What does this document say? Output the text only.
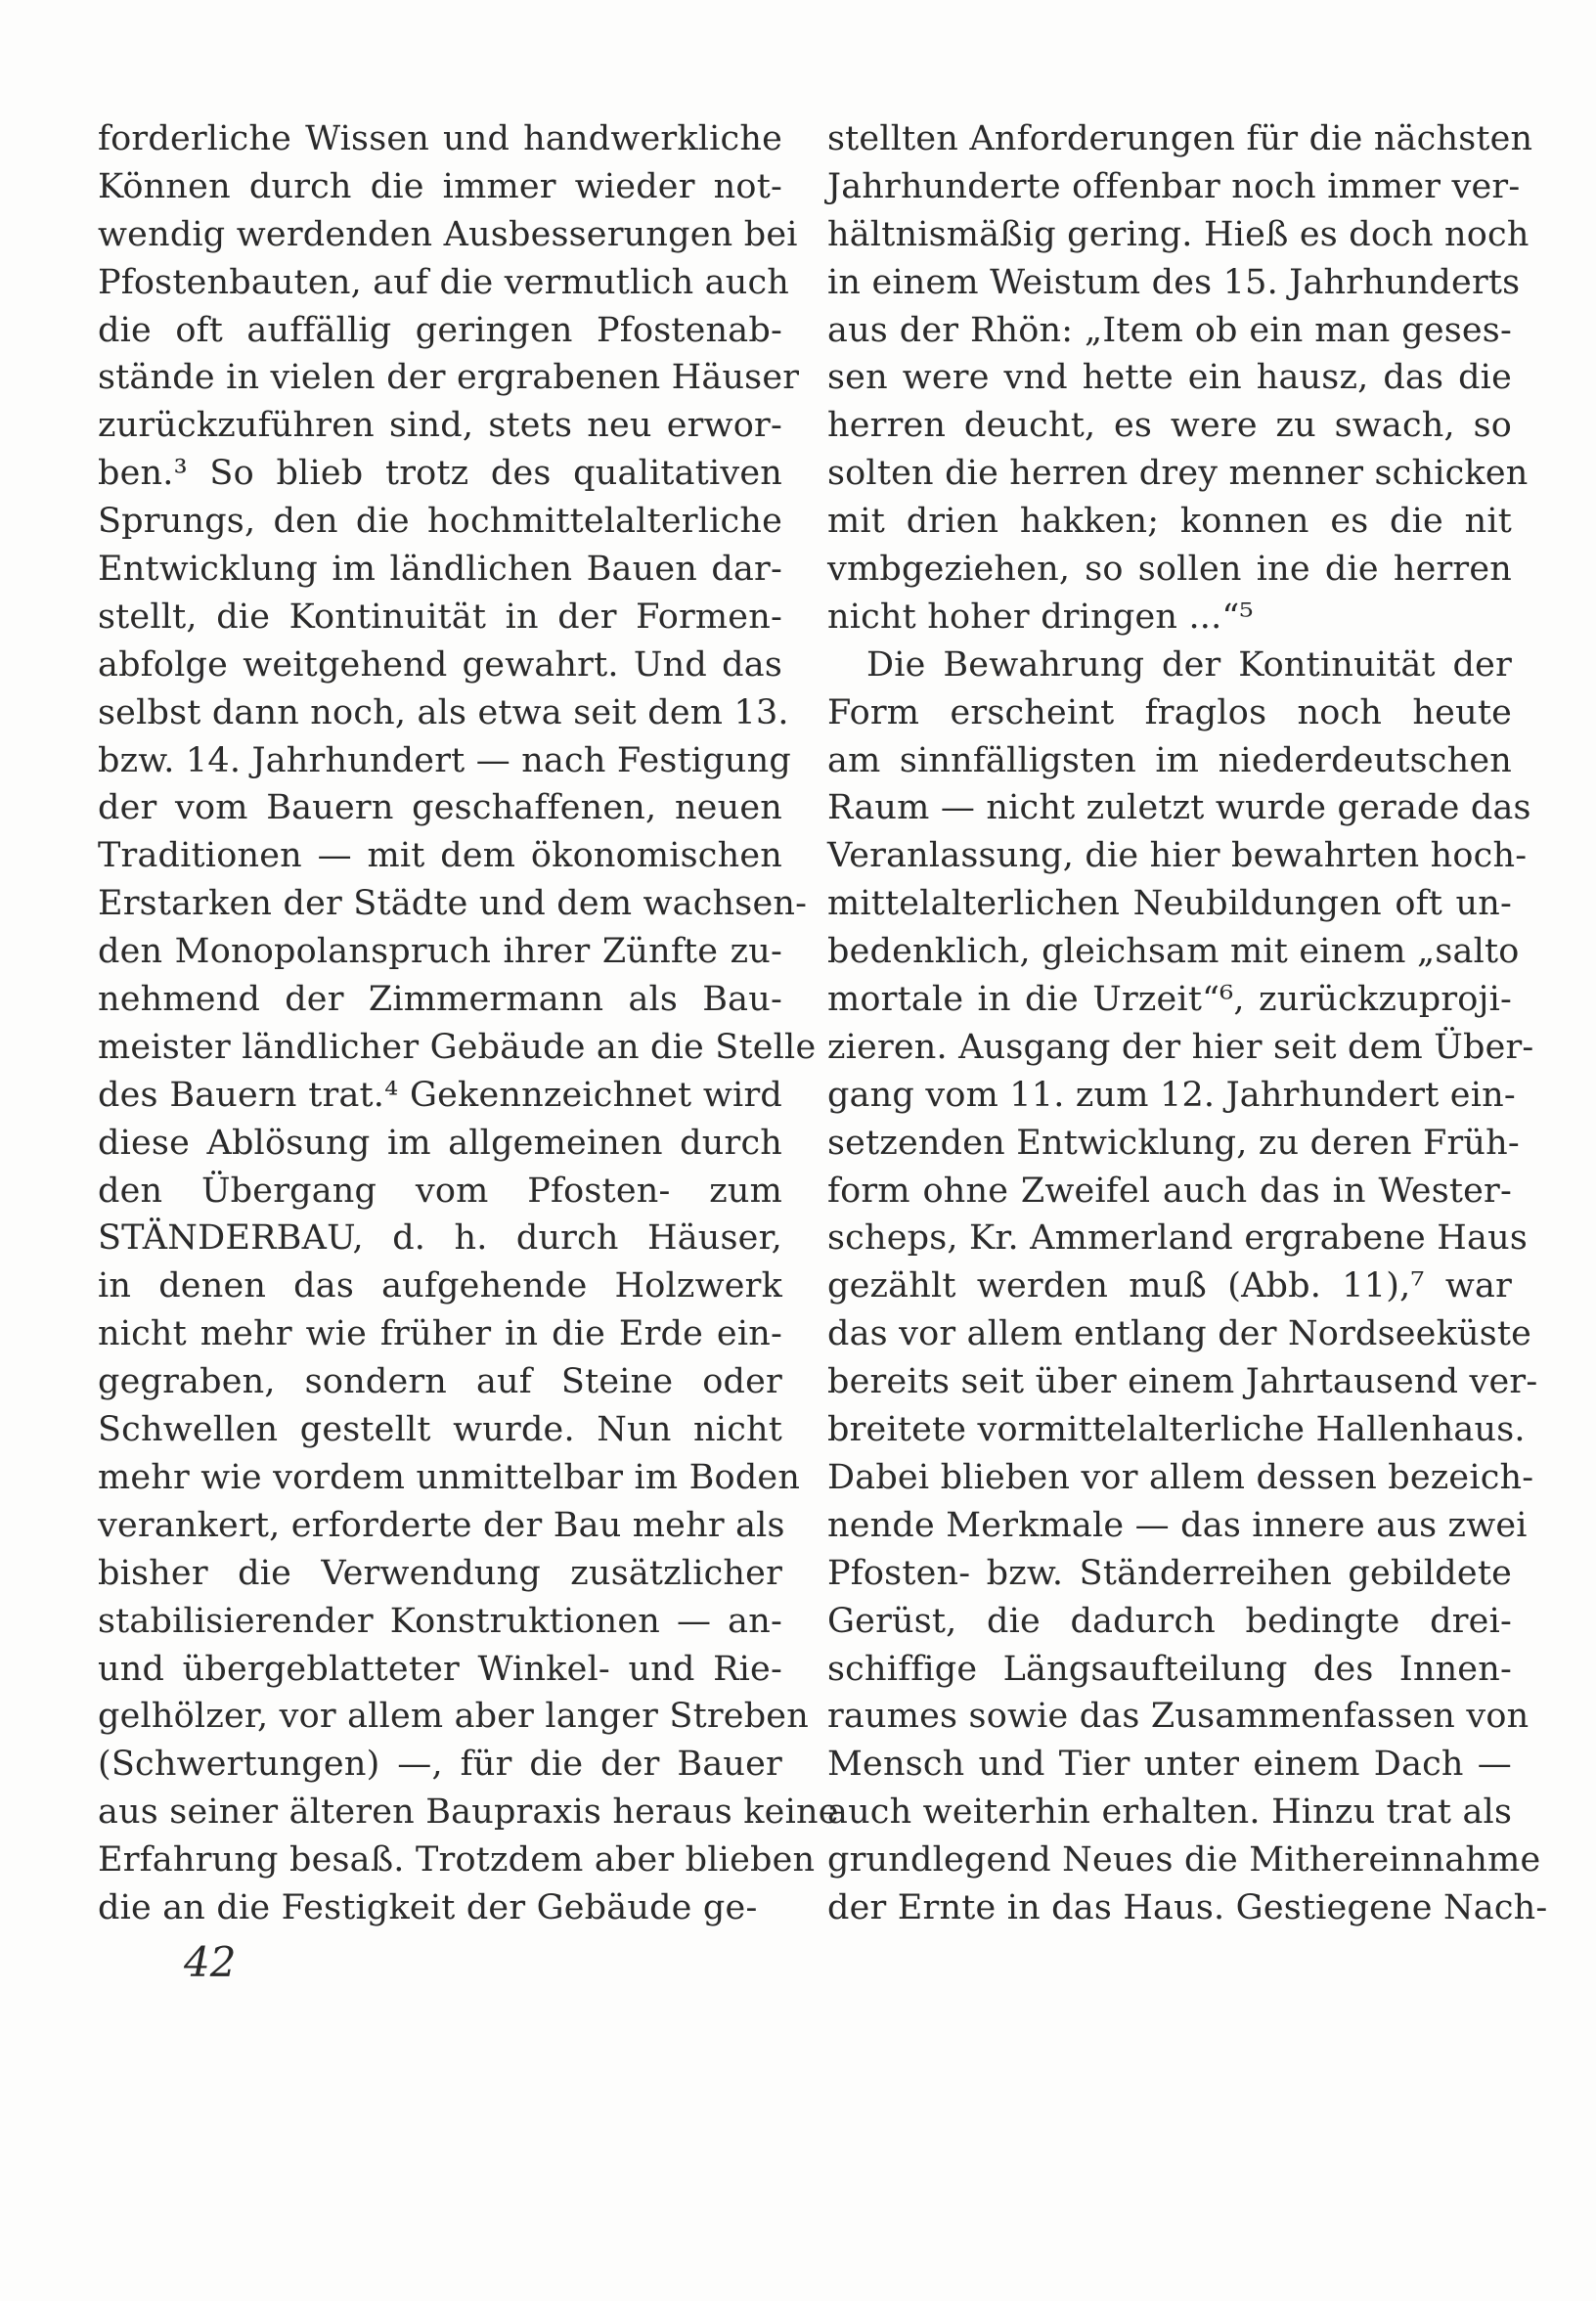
forderliche Wissen und handwerkliche
Können durch die immer wieder not-
wendig werdenden Ausbesserungen bei
Pfostenbauten, auf die vermutlich auch
die oft auffällig geringen Pfostenab-
stände in vielen der ergrabenen Häuser
zurückzuführen sind, stets neu erwor-
ben.³ So blieb trotz des qualitativen
Sprungs, den die hochmittelalterliche
Entwicklung im ländlichen Bauen dar-
stellt, die Kontinuität in der Formen-
abfolge weitgehend gewahrt. Und das
selbst dann noch, als etwa seit dem 13.
bzw. 14. Jahrhundert — nach Festigung
der vom Bauern geschaffenen, neuen
Traditionen — mit dem ökonomischen
Erstarken der Städte und dem wachsen-
den Monopolanspruch ihrer Zünfte zu-
nehmend der Zimmermann als Bau-
meister ländlicher Gebäude an die Stelle
des Bauern trat.⁴ Gekennzeichnet wird
diese Ablösung im allgemeinen durch
den Übergang vom Pfosten- zum
STÄNDERBAU, d. h. durch Häuser,
in denen das aufgehende Holzwerk
nicht mehr wie früher in die Erde ein-
gegraben, sondern auf Steine oder
Schwellen gestellt wurde. Nun nicht
mehr wie vordem unmittelbar im Boden
verankert, erforderte der Bau mehr als
bisher die Verwendung zusätzlicher
stabilisierender Konstruktionen — an-
und übergeblatteter Winkel- und Rie-
gelhölzer, vor allem aber langer Streben
(Schwertungen) —, für die der Bauer
aus seiner älteren Baupraxis heraus keine
Erfahrung besaß. Trotzdem aber blieben
die an die Festigkeit der Gebäude ge-
stellten Anforderungen für die nächsten
Jahrhunderte offenbar noch immer ver-
hältnismäßig gering. Hieß es doch noch
in einem Weistum des 15. Jahrhunderts
aus der Rhön: „Item ob ein man geses-
sen were vnd hette ein hausz, das die
herren deucht, es were zu swach, so
solten die herren drey menner schicken
mit drien hakken; konnen es die nit
vmbgeziehen, so sollen ine die herren
nicht hoher dringen ...“⁵
Die Bewahrung der Kontinuität der
Form erscheint fraglos noch heute
am sinnfälligsten im niederdeutschen
Raum — nicht zuletzt wurde gerade das
Veranlassung, die hier bewahrten hoch-
mittelalterlichen Neubildungen oft un-
bedenklich, gleichsam mit einem „salto
mortale in die Urzeit“⁶, zurückzuproji-
zieren. Ausgang der hier seit dem Über-
gang vom 11. zum 12. Jahrhundert ein-
setzenden Entwicklung, zu deren Früh-
form ohne Zweifel auch das in Wester-
scheps, Kr. Ammerland ergrabene Haus
gezählt werden muß (Abb. 11),⁷ war
das vor allem entlang der Nordseeküste
bereits seit über einem Jahrtausend ver-
breitete vormittelalterliche Hallenhaus.
Dabei blieben vor allem dessen bezeich-
nende Merkmale — das innere aus zwei
Pfosten- bzw. Ständerreihen gebildete
Gerüst, die dadurch bedingte drei-
schiffige Längsaufteilung des Innen-
raumes sowie das Zusammenfassen von
Mensch und Tier unter einem Dach —
auch weiterhin erhalten. Hinzu trat als
grundlegend Neues die Mithereinnahme
der Ernte in das Haus. Gestiegene Nach-
42
